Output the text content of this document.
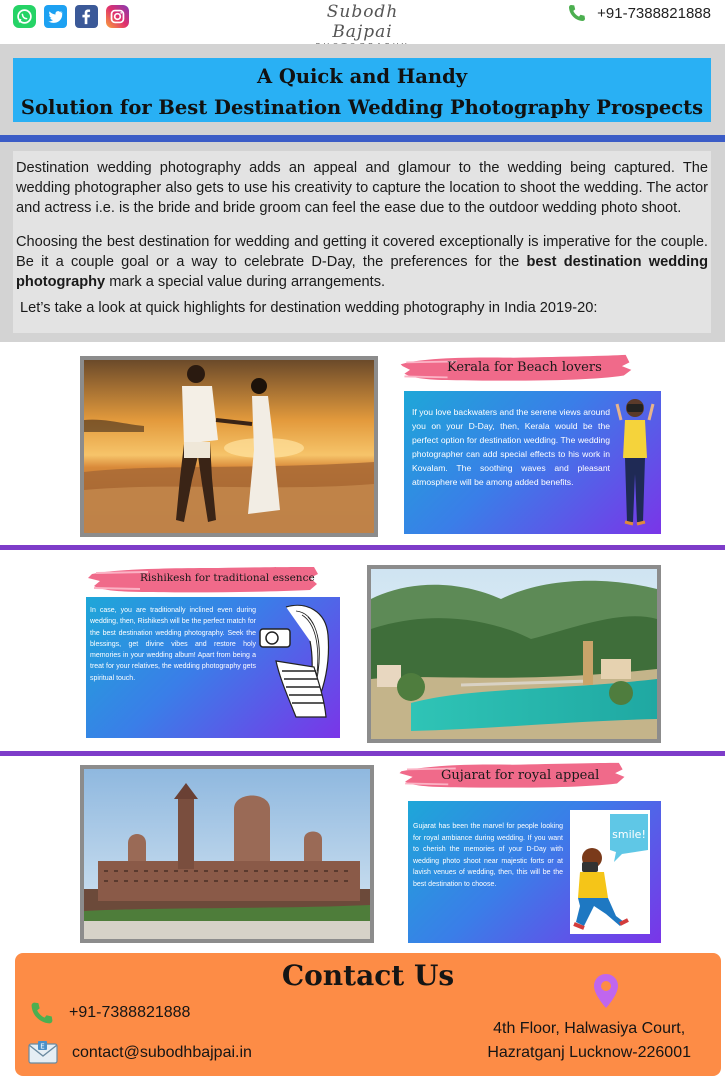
Subodh Bajpai
+91-7388821888
A Quick and Handy
Solution for Best Destination Wedding Photography Prospects

Destination wedding photography adds an appeal and glamour to the wedding being captured. The wedding photographer also gets to use his creativity to capture the location to shoot the wedding. The actor and actress i.e. is the bride and bride groom can feel the ease due to the outdoor wedding photo shoot.

Choosing the best destination for wedding and getting it covered exceptionally is imperative for the couple. Be it a couple goal or a way to celebrate D-Day, the preferences for the best destination wedding photography mark a special value during arrangements.

Let’s take a look at quick highlights for destination wedding photography in India 2019-20:

Kerala for Beach lovers

If you love backwaters and the serene views around you on your D-Day, then, Kerala would be the perfect option for destination wedding. The wedding photographer can add special effects to his work in Kovalam. The soothing waves and pleasant atmosphere will be among added benefits.

Rishikesh for traditional essence

In case, you are traditionally inclined even during wedding, then, Rishikesh will be the perfect match for the best destination wedding photography. Seek the blessings, get divine vibes and restore holy memories in your wedding album! Apart from being a treat for your relatives, the wedding photography gets spiritual touch.

Gujarat for royal appeal

Gujarat has been the marvel for people looking for royal ambiance during wedding. If you want to cherish the memories of your D-Day with wedding photo shoot near majestic forts or at lavish venues of wedding, then, this will be the best destination to choose.

smile!
Contact Us
+91-7388821888
E contact@subodhbajpai.in
4th Floor, Halwasiya Court,
Hazratganj Lucknow-226001
